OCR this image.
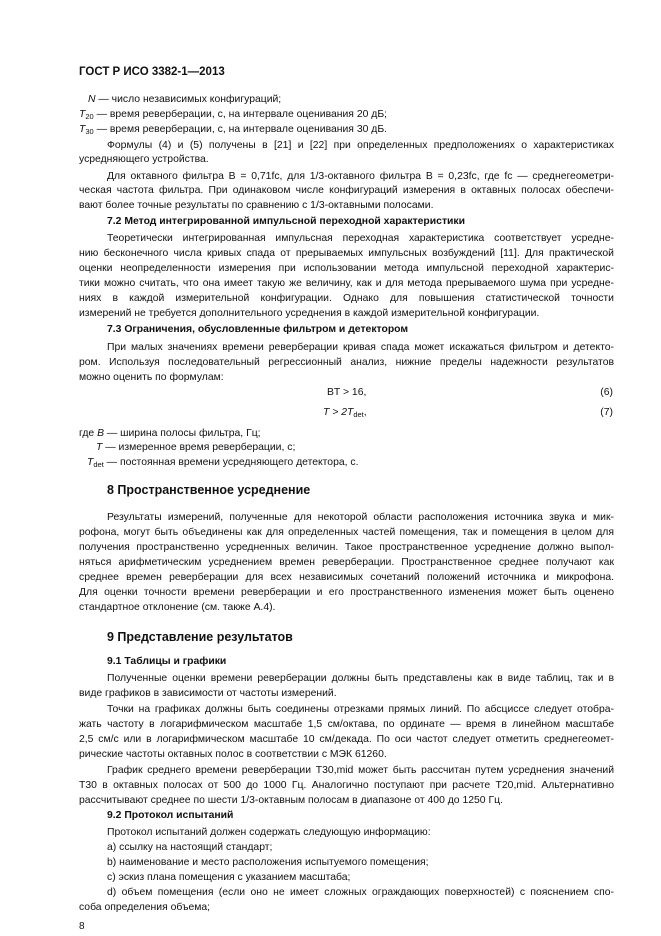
ГОСТ Р ИСО 3382-1—2013
N — число независимых конфигураций;
$T_{20}$ — время реверберации, с, на интервале оценивания 20 дБ;
$T_{30}$ — время реверберации, с, на интервале оценивания 30 дБ.
Формулы (4) и (5) получены в [21] и [22] при определенных предположениях о характеристиках
усредняющего устройства.
Для октавного фильтра B = 0,71fc, для 1/3-октавного фильтра B = 0,23fc, где fc — среднегеометри-
ческая частота фильтра. При одинаковом числе конфигураций измерения в октавных полосах обеспечи-
вают более точные результаты по сравнению с 1/3-октавными полосами.
7.2 Метод интегрированной импульсной переходной характеристики
Теоретически интегрированная импульсная переходная характеристика соответствует усредне-
нию бесконечного числа кривых спада от прерываемых импульсных возбуждений [11]. Для практической
оценки неопределенности измерения при использовании метода импульсной переходной характерис-
тики можно считать, что она имеет такую же величину, как и для метода прерываемого шума при усредне-
ниях в каждой измерительной конфигурации. Однако для повышения статистической точности
измерений не требуется дополнительного усреднения в каждой измерительной конфигурации.
7.3 Ограничения, обусловленные фильтром и детектором
При малых значениях времени реверберации кривая спада может искажаться фильтром и детекто-
ром. Используя последовательный регрессионный анализ, нижние пределы надежности результатов
можно оценить по формулам:
BT > 16,	(6)
$T > 2T_{det}$,	(7)
где B — ширина полосы фильтра, Гц;
T — измеренное время реверберации, с;
$T_{det}$ — постоянная времени усредняющего детектора, с.
8 Пространственное усреднение
Результаты измерений, полученные для некоторой области расположения источника звука и мик-
рофона, могут быть объединены как для определенных частей помещения, так и помещения в целом для
получения пространственно усредненных величин. Такое пространственное усреднение должно выпол-
няться арифметическим усреднением времен реверберации. Пространственное среднее получают как
среднее времен реверберации для всех независимых сочетаний положений источника и микрофона.
Для оценки точности времени реверберации и его пространственного изменения может быть оценено
стандартное отклонение (см. также А.4).
9 Представление результатов
9.1 Таблицы и графики
Полученные оценки времени реверберации должны быть представлены как в виде таблиц, так и в
виде графиков в зависимости от частоты измерений.
Точки на графиках должны быть соединены отрезками прямых линий. По абсциссе следует отобра-
жать частоту в логарифмическом масштабе 1,5 см/октава, по ординате — время в линейном масштабе
2,5 см/с или в логарифмическом масштабе 10 см/декада. По оси частот следует отметить среднегеомет-
рические частоты октавных полос в соответствии с МЭК 61260.
График среднего времени реверберации T30,mid может быть рассчитан путем усреднения значений
T30 в октавных полосах от 500 до 1000 Гц. Аналогично поступают при расчете T20,mid. Альтернативно
рассчитывают среднее по шести 1/3-октавным полосам в диапазоне от 400 до 1250 Гц.
9.2 Протокол испытаний
Протокол испытаний должен содержать следующую информацию:
a) ссылку на настоящий стандарт;
b) наименование и место расположения испытуемого помещения;
c) эскиз плана помещения с указанием масштаба;
d) объем помещения (если оно не имеет сложных ограждающих поверхностей) с пояснением спо-
соба определения объема;
8
